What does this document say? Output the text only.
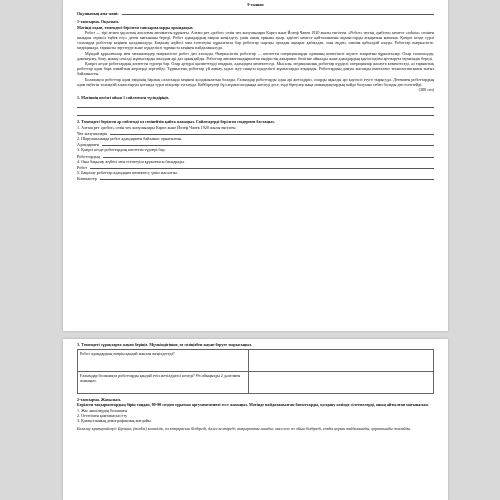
9-сынып

Оқушының аты-жөні:

1-тапсырма. Оқылым.

Мәтінді оқып, төмендегі берілген тапсырмаларды орындаңыз.

Робот — тірі ағзаға ұқсастық жасалған автоматты құрылғы. Алғаш рет «робот» сөзін чех жазушылары Карел және Йозеф Чапек 1920 жылы енгізген. «Робот» чехтің «работа» немесе «robota» сөзінен шыққан «еріксіз еңбек ету» деген мағынаны береді. Робот адамдардың өмірін жеңілдету үшін оның орнына ауыр, қауіпті немесе қайталанатын жұмыстарды атқаратын машина. Қазіргі кезде түрлі салаларда роботтар кеңінен қолданылуда. Бақылау жүйесі мен есептеуіш құрылғысы бар роботтар сыртқы ортадан ақпарат қабылдап, оны өңдеп, шешім қабылдай алады. Роботтар өнеркәсіпте, медицинада, ғарышты зерттеуде және күнделікті тұрмыста кеңінен пайдаланылуда.

Мұндай құрылғылар мен механизмдер өнеркәсіпте робот деп аталады. Өнеркәсіптік роботтар — көптеген операцияларды адамның көмегінсіз жүзеге асыратын құрылғылар. Олар тасымалдау, дәнекерлеу, бояу, жинау секілді жұмыстарды жылдам әрі дәл орындайды. Роботтар автоматтандырылған өндірістің ажырамас бөлігіне айналды және адамдардың қауіпсіздігін арттыруға мүмкіндік береді.

Қазіргі кезде роботтардың көптеген түрлері бар. Олар әртүрлі қызметтерді атқарып, адамдарға көмектеседі. Мысалы, медициналық роботтар күрделі операциялар жасауға көмектеседі, ал ғарыштық роботтар адам бара алмайтын жерлерді зерттейді. Тұрмыстық роботтар үй жинау, ыдыс жуу сияқты күнделікті жұмыстарды атқарады. Роботтардың дамуы жасанды интеллект технологиясымен тығыз байланысты.

Болашақта роботтар адам өмірінің барлық саласында кеңінен қолданылатын болады. Ғалымдар роботтарды одан әрі жетілдіріп, оларды ақылды әрі қауіпсіз етуге тырысуда. Дегенмен роботтардың адам еңбегін толықтай алмастыруы қоғамда түрлі пікірлер туғызуда. Кейбіреулер бұл жұмыссыздыққа әкеледі десе, енді біреулер жаңа мамандықтардың пайда болуына себеп болады деп есептейді.

(388 сөз)

1. Мәтіннің негізгі ойын 1 сөйлеммен түсіндіріңіз.

2. Төмендегі берілген әр сөйлемді ол сөзінейтін қайта жазыңыз. Сөйлемдерді берілген сөздермен бастаңыз.

1. Алғаш рет «робот» сөзін чех жазушылары Карел және Йозеф Чапек 1920 жылы енгізген.

Чех жазушылары

2. Шаруашылыққа робот адамдармен байланыс орнатылған.

Адамдармен

3. Қазіргі кезде роботтардың көптеген түрлері бар.

Роботтардың

4. Оны бақылау жүйесі мен есептеуіш құрылғысы басқарады.

Робот

5. Бақылау роботтар адамдарға көмектесу үшін жасалған.

Компьютер

3. Төмендегі сұрақтарға жауап беріңіз. Мүмкіндігінше, өз сөзіңізбен жауап беруге тырысыңыз.

Робот адамдардың өмірін қандай жақтан жеңілдетеді?	
Ғалымдар болашақта роботтарды қандай етіп жетілдіргісі келеді? Өз ойыңызды 2 дәлелмен жазыңыз.	

2-тапсырма. Жазылым.

Берілген тақырыптардың бірін таңдап, 80-90 сөзден тұратын аргументативті эссе жазыңыз. Мәтінде пайдаланылған бағыттарды, қолдану кезінде сілтемелерді, оның айтылған мағынасын.

1. Жас әншілердің болашағы

2. Оттегімен қамтамасыз ету

3. Қазақстанның демографиялық жағдайы

Бағалау критерийлері: Бірінші, (тілдік) кемшілік, өз көзқарасын білдіреді, дәлел келтіреді; тақырыпты ашады; мәселеге өз ойын білдіреді, сөздік қорын пайдаланады, қорытынды жасайды.
